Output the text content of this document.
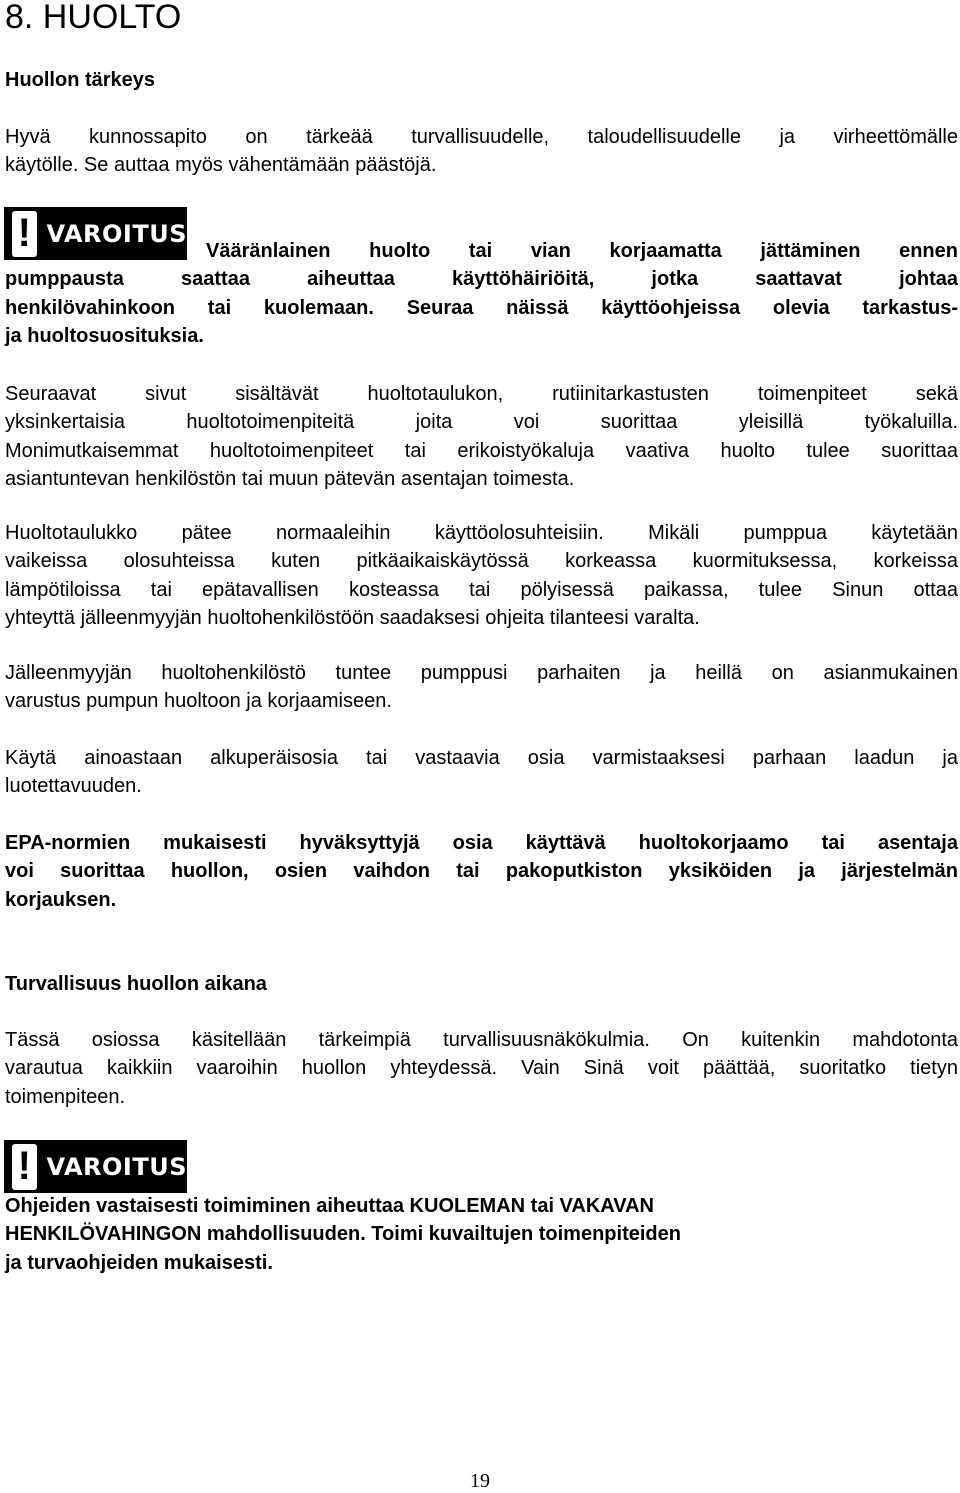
8. HUOLTO
Huollon tärkeys
Hyvä kunnossapito on tärkeää turvallisuudelle, taloudellisuudelle ja virheettömälle
käytölle. Se auttaa myös vähentämään päästöjä.
! VAROITUS
Vääränlainen huolto tai vian korjaamatta jättäminen ennen
pumppausta saattaa aiheuttaa käyttöhäiriöitä, jotka saattavat johtaa
henkilövahinkoon tai kuolemaan. Seuraa näissä käyttöohjeissa olevia tarkastus-
ja huoltosuosituksia.
Seuraavat sivut sisältävät huoltotaulukon, rutiinitarkastusten toimenpiteet sekä
yksinkertaisia huoltotoimenpiteitä joita voi suorittaa yleisillä työkaluilla.
Monimutkaisemmat huoltotoimenpiteet tai erikoistyökaluja vaativa huolto tulee suorittaa
asiantuntevan henkilöstön tai muun pätevän asentajan toimesta.
Huoltotaulukko pätee normaaleihin käyttöolosuhteisiin. Mikäli pumppua käytetään
vaikeissa olosuhteissa kuten pitkäaikaiskäytössä korkeassa kuormituksessa, korkeissa
lämpötiloissa tai epätavallisen kosteassa tai pölyisessä paikassa, tulee Sinun ottaa
yhteyttä jälleenmyyjän huoltohenkilöstöön saadaksesi ohjeita tilanteesi varalta.
Jälleenmyyjän huoltohenkilöstö tuntee pumppusi parhaiten ja heillä on asianmukainen
varustus pumpun huoltoon ja korjaamiseen.
Käytä ainoastaan alkuperäisosia tai vastaavia osia varmistaaksesi parhaan laadun ja
luotettavuuden.
EPA-normien mukaisesti hyväksyttyjä osia käyttävä huoltokorjaamo tai asentaja
voi suorittaa huollon, osien vaihdon tai pakoputkiston yksiköiden ja järjestelmän
korjauksen.
Turvallisuus huollon aikana
Tässä osiossa käsitellään tärkeimpiä turvallisuusnäkökulmia. On kuitenkin mahdotonta
varautua kaikkiin vaaroihin huollon yhteydessä. Vain Sinä voit päättää, suoritatko tietyn
toimenpiteen.
! VAROITUS
Ohjeiden vastaisesti toimiminen aiheuttaa KUOLEMAN tai VAKAVAN
HENKILÖVAHINGON mahdollisuuden. Toimi kuvailtujen toimenpiteiden
ja turvaohjeiden mukaisesti.
19
